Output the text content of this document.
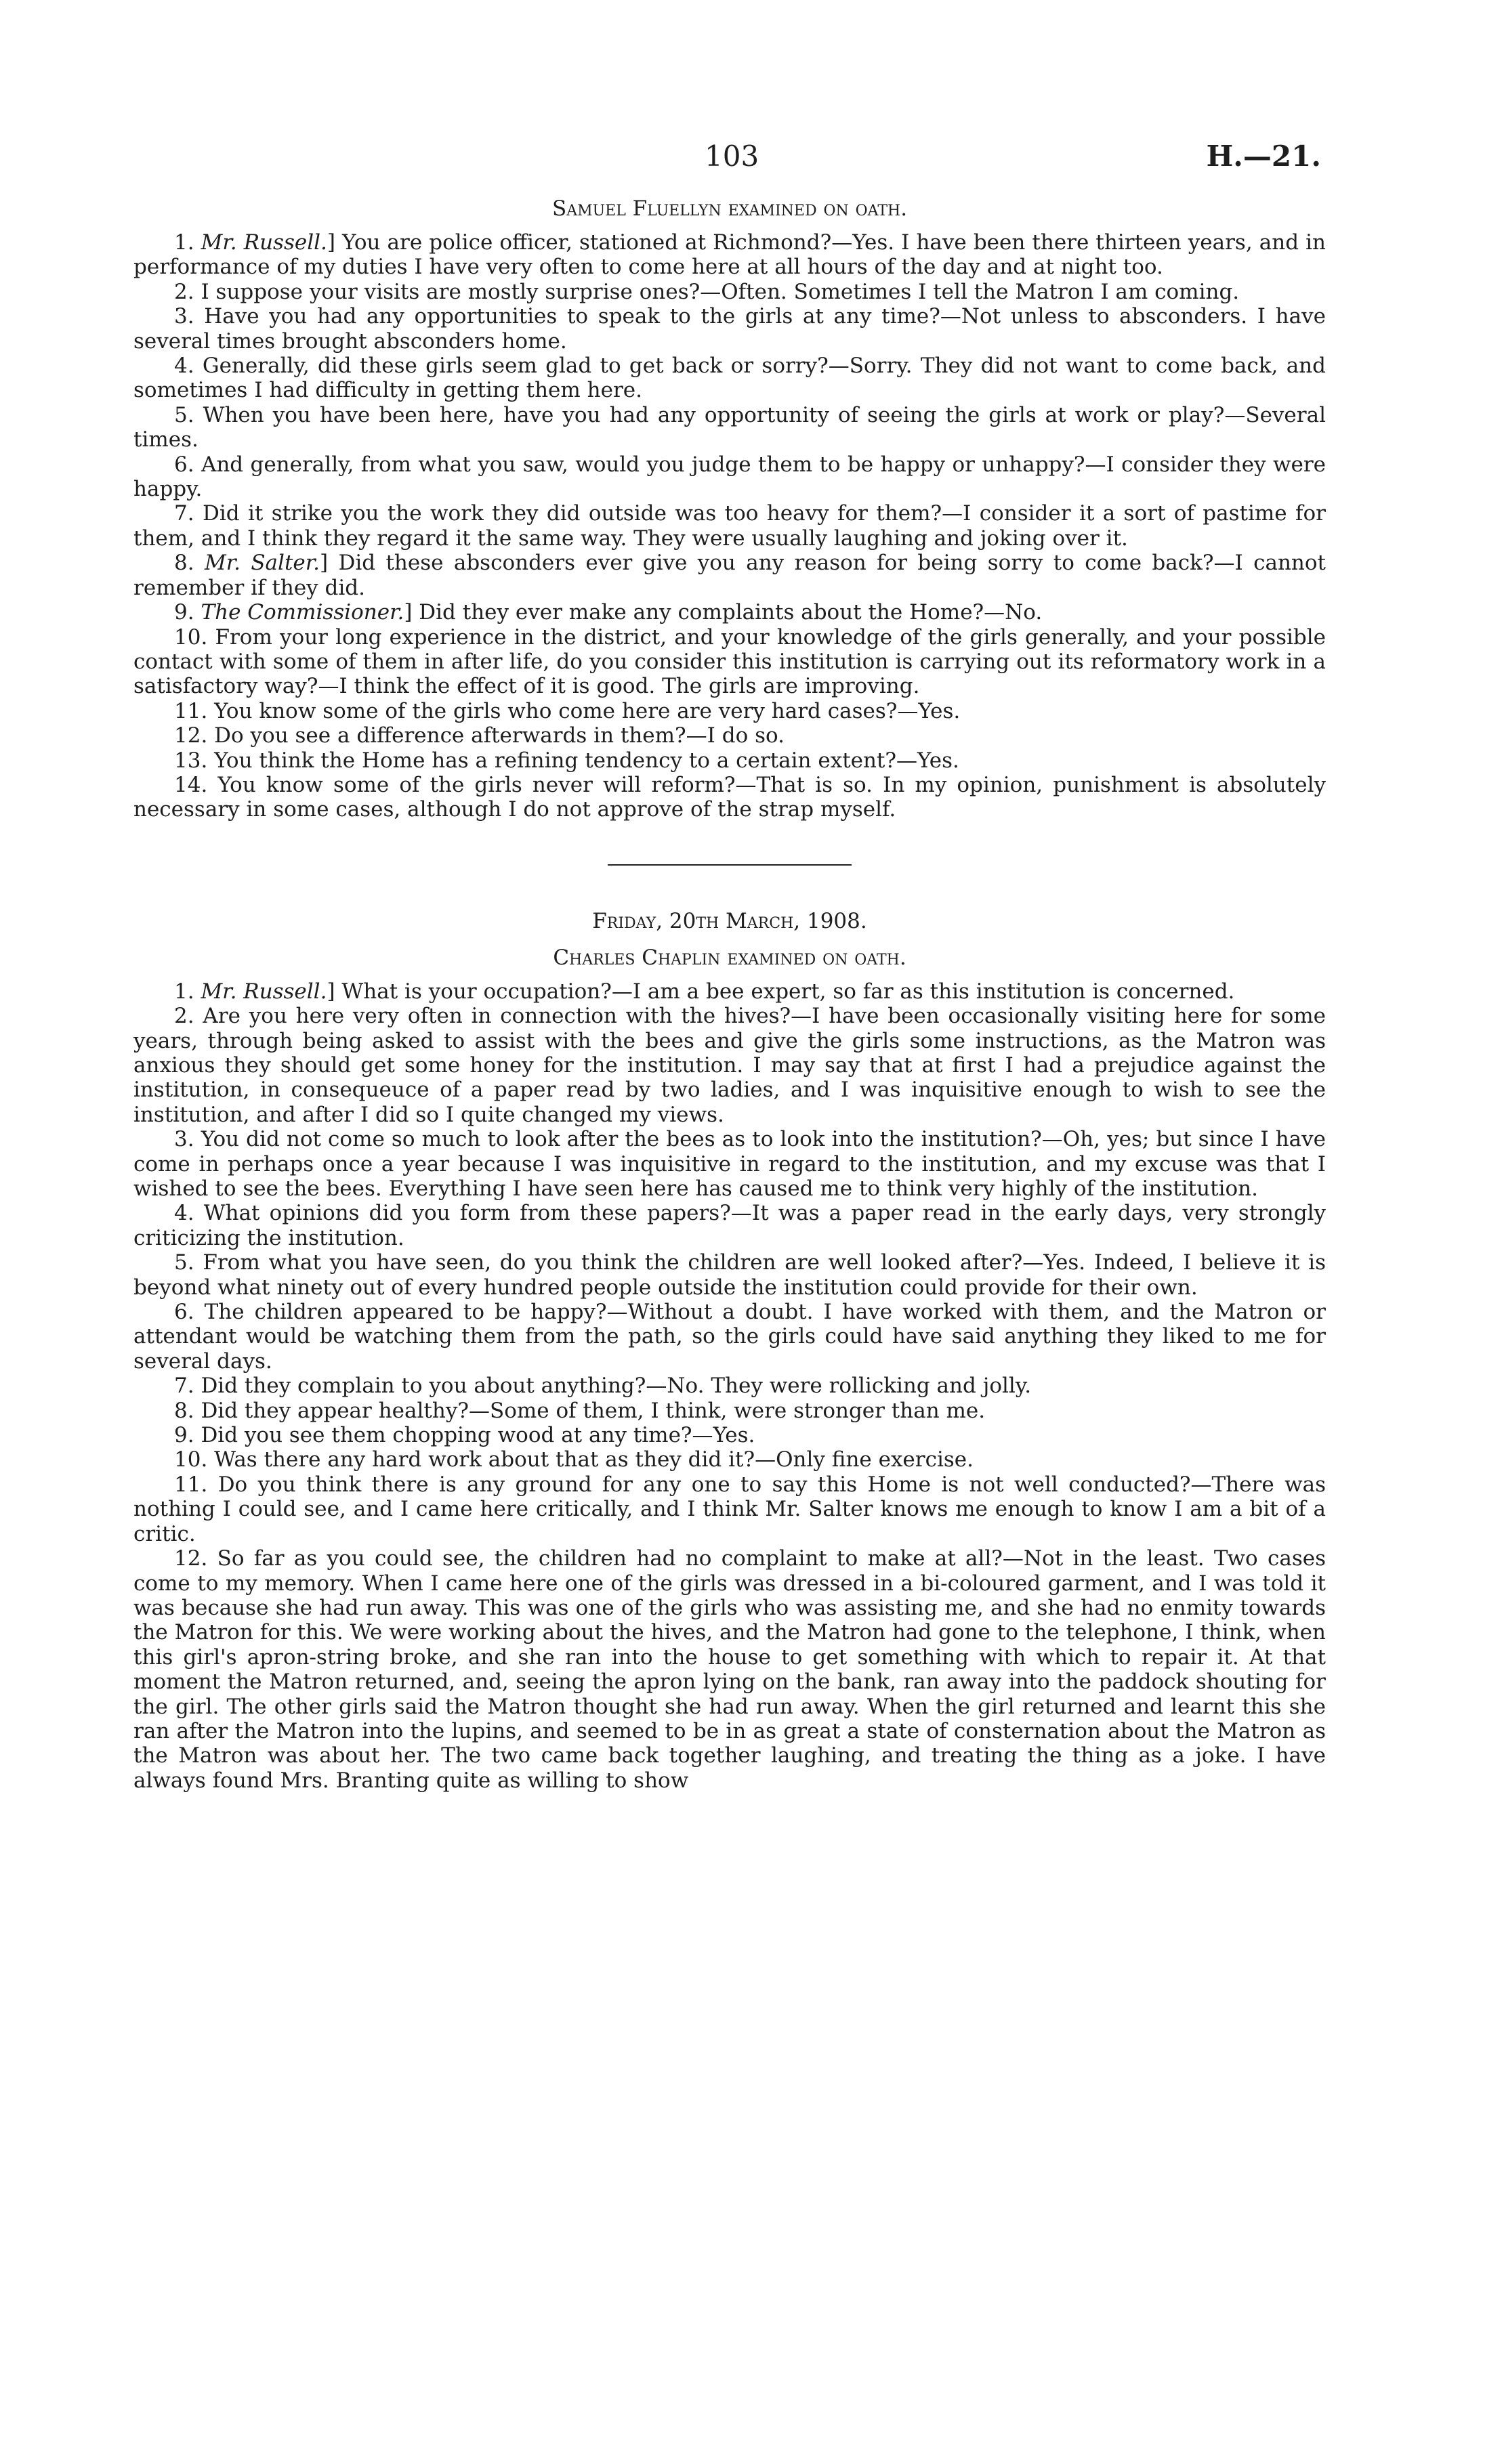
103	H.—21.
Samuel Fluellyn examined on oath.

1. Mr. Russell.] You are police officer, stationed at Richmond?—Yes. I have been there thirteen years, and in performance of my duties I have very often to come here at all hours of the day and at night too.

2. I suppose your visits are mostly surprise ones?—Often. Sometimes I tell the Matron I am coming.

3. Have you had any opportunities to speak to the girls at any time?—Not unless to absconders. I have several times brought absconders home.

4. Generally, did these girls seem glad to get back or sorry?—Sorry. They did not want to come back, and sometimes I had difficulty in getting them here.

5. When you have been here, have you had any opportunity of seeing the girls at work or play?—Several times.

6. And generally, from what you saw, would you judge them to be happy or unhappy?—I consider they were happy.

7. Did it strike you the work they did outside was too heavy for them?—I consider it a sort of pastime for them, and I think they regard it the same way. They were usually laughing and joking over it.

8. Mr. Salter.] Did these absconders ever give you any reason for being sorry to come back?—I cannot remember if they did.

9. The Commissioner.] Did they ever make any complaints about the Home?—No.

10. From your long experience in the district, and your knowledge of the girls generally, and your possible contact with some of them in after life, do you consider this institution is carrying out its reformatory work in a satisfactory way?—I think the effect of it is good. The girls are improving.

11. You know some of the girls who come here are very hard cases?—Yes.

12. Do you see a difference afterwards in them?—I do so.

13. You think the Home has a refining tendency to a certain extent?—Yes.

14. You know some of the girls never will reform?—That is so. In my opinion, punishment is absolutely necessary in some cases, although I do not approve of the strap myself.

Friday, 20th March, 1908.
Charles Chaplin examined on oath.

1. Mr. Russell.] What is your occupation?—I am a bee expert, so far as this institution is concerned.

2. Are you here very often in connection with the hives?—I have been occasionally visiting here for some years, through being asked to assist with the bees and give the girls some instructions, as the Matron was anxious they should get some honey for the institution. I may say that at first I had a prejudice against the institution, in consequeuce of a paper read by two ladies, and I was inquisitive enough to wish to see the institution, and after I did so I quite changed my views.

3. You did not come so much to look after the bees as to look into the institution?—Oh, yes; but since I have come in perhaps once a year because I was inquisitive in regard to the institution, and my excuse was that I wished to see the bees. Everything I have seen here has caused me to think very highly of the institution.

4. What opinions did you form from these papers?—It was a paper read in the early days, very strongly criticizing the institution.

5. From what you have seen, do you think the children are well looked after?—Yes. Indeed, I believe it is beyond what ninety out of every hundred people outside the institution could provide for their own.

6. The children appeared to be happy?—Without a doubt. I have worked with them, and the Matron or attendant would be watching them from the path, so the girls could have said anything they liked to me for several days.

7. Did they complain to you about anything?—No. They were rollicking and jolly.

8. Did they appear healthy?—Some of them, I think, were stronger than me.

9. Did you see them chopping wood at any time?—Yes.

10. Was there any hard work about that as they did it?—Only fine exercise.

11. Do you think there is any ground for any one to say this Home is not well conducted?—There was nothing I could see, and I came here critically, and I think Mr. Salter knows me enough to know I am a bit of a critic.

12. So far as you could see, the children had no complaint to make at all?—Not in the least. Two cases come to my memory. When I came here one of the girls was dressed in a bi-coloured garment, and I was told it was because she had run away. This was one of the girls who was assisting me, and she had no enmity towards the Matron for this. We were working about the hives, and the Matron had gone to the telephone, I think, when this girl's apron-string broke, and she ran into the house to get something with which to repair it. At that moment the Matron returned, and, seeing the apron lying on the bank, ran away into the paddock shouting for the girl. The other girls said the Matron thought she had run away. When the girl returned and learnt this she ran after the Matron into the lupins, and seemed to be in as great a state of consternation about the Matron as the Matron was about her. The two came back together laughing, and treating the thing as a joke. I have always found Mrs. Branting quite as willing to show
